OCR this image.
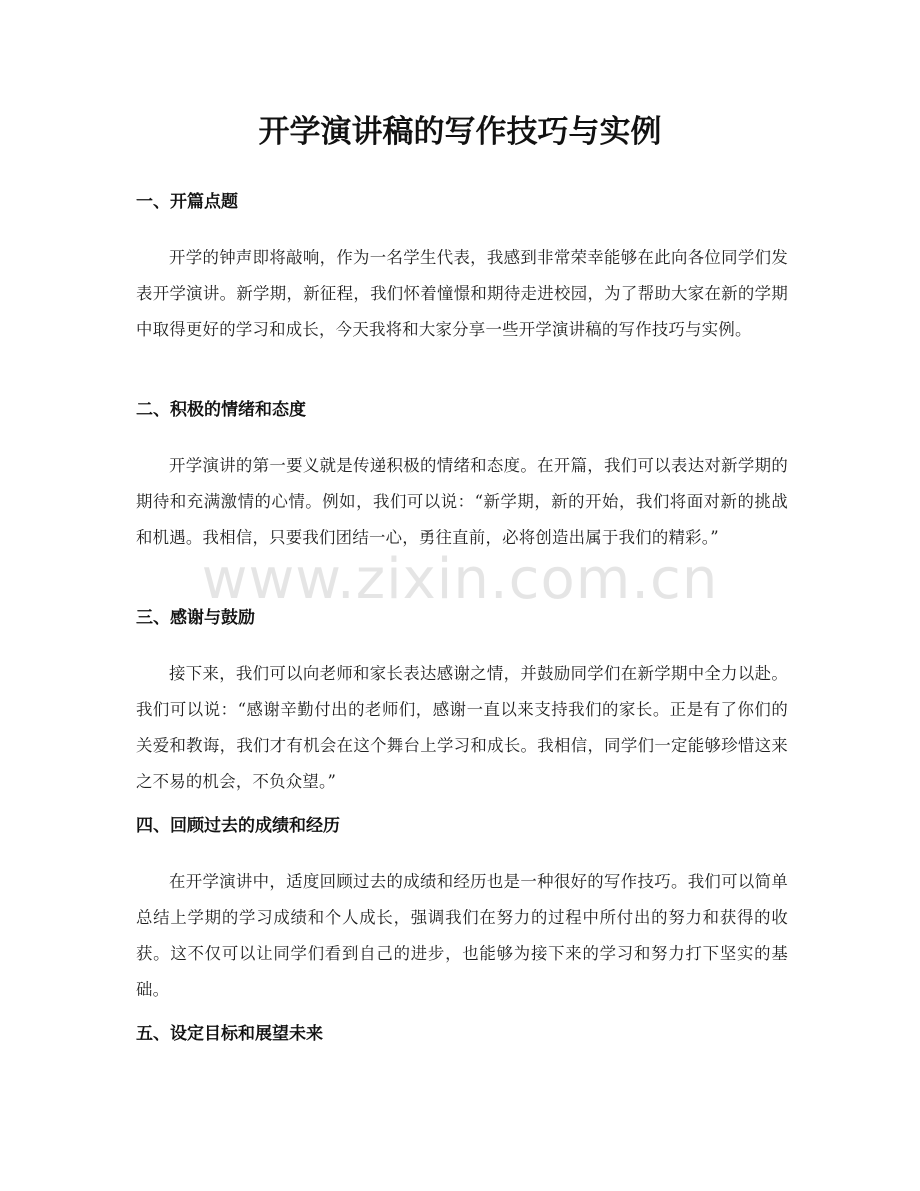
开学演讲稿的写作技巧与实例
一、开篇点题

开学的钟声即将敲响，作为一名学生代表，我感到非常荣幸能够在此向各位同学们发表开学演讲。新学期，新征程，我们怀着憧憬和期待走进校园，为了帮助大家在新的学期中取得更好的学习和成长，今天我将和大家分享一些开学演讲稿的写作技巧与实例。

二、积极的情绪和态度

开学演讲的第一要义就是传递积极的情绪和态度。在开篇，我们可以表达对新学期的期待和充满激情的心情。例如，我们可以说：“新学期，新的开始，我们将面对新的挑战和机遇。我相信，只要我们团结一心，勇往直前，必将创造出属于我们的精彩。”

三、感谢与鼓励

接下来，我们可以向老师和家长表达感谢之情，并鼓励同学们在新学期中全力以赴。我们可以说：“感谢辛勤付出的老师们，感谢一直以来支持我们的家长。正是有了你们的关爱和教诲，我们才有机会在这个舞台上学习和成长。我相信，同学们一定能够珍惜这来之不易的机会，不负众望。”

四、回顾过去的成绩和经历

在开学演讲中，适度回顾过去的成绩和经历也是一种很好的写作技巧。我们可以简单总结上学期的学习成绩和个人成长，强调我们在努力的过程中所付出的努力和获得的收获。这不仅可以让同学们看到自己的进步，也能够为接下来的学习和努力打下坚实的基础。

五、设定目标和展望未来
www.zixin.com.cn
